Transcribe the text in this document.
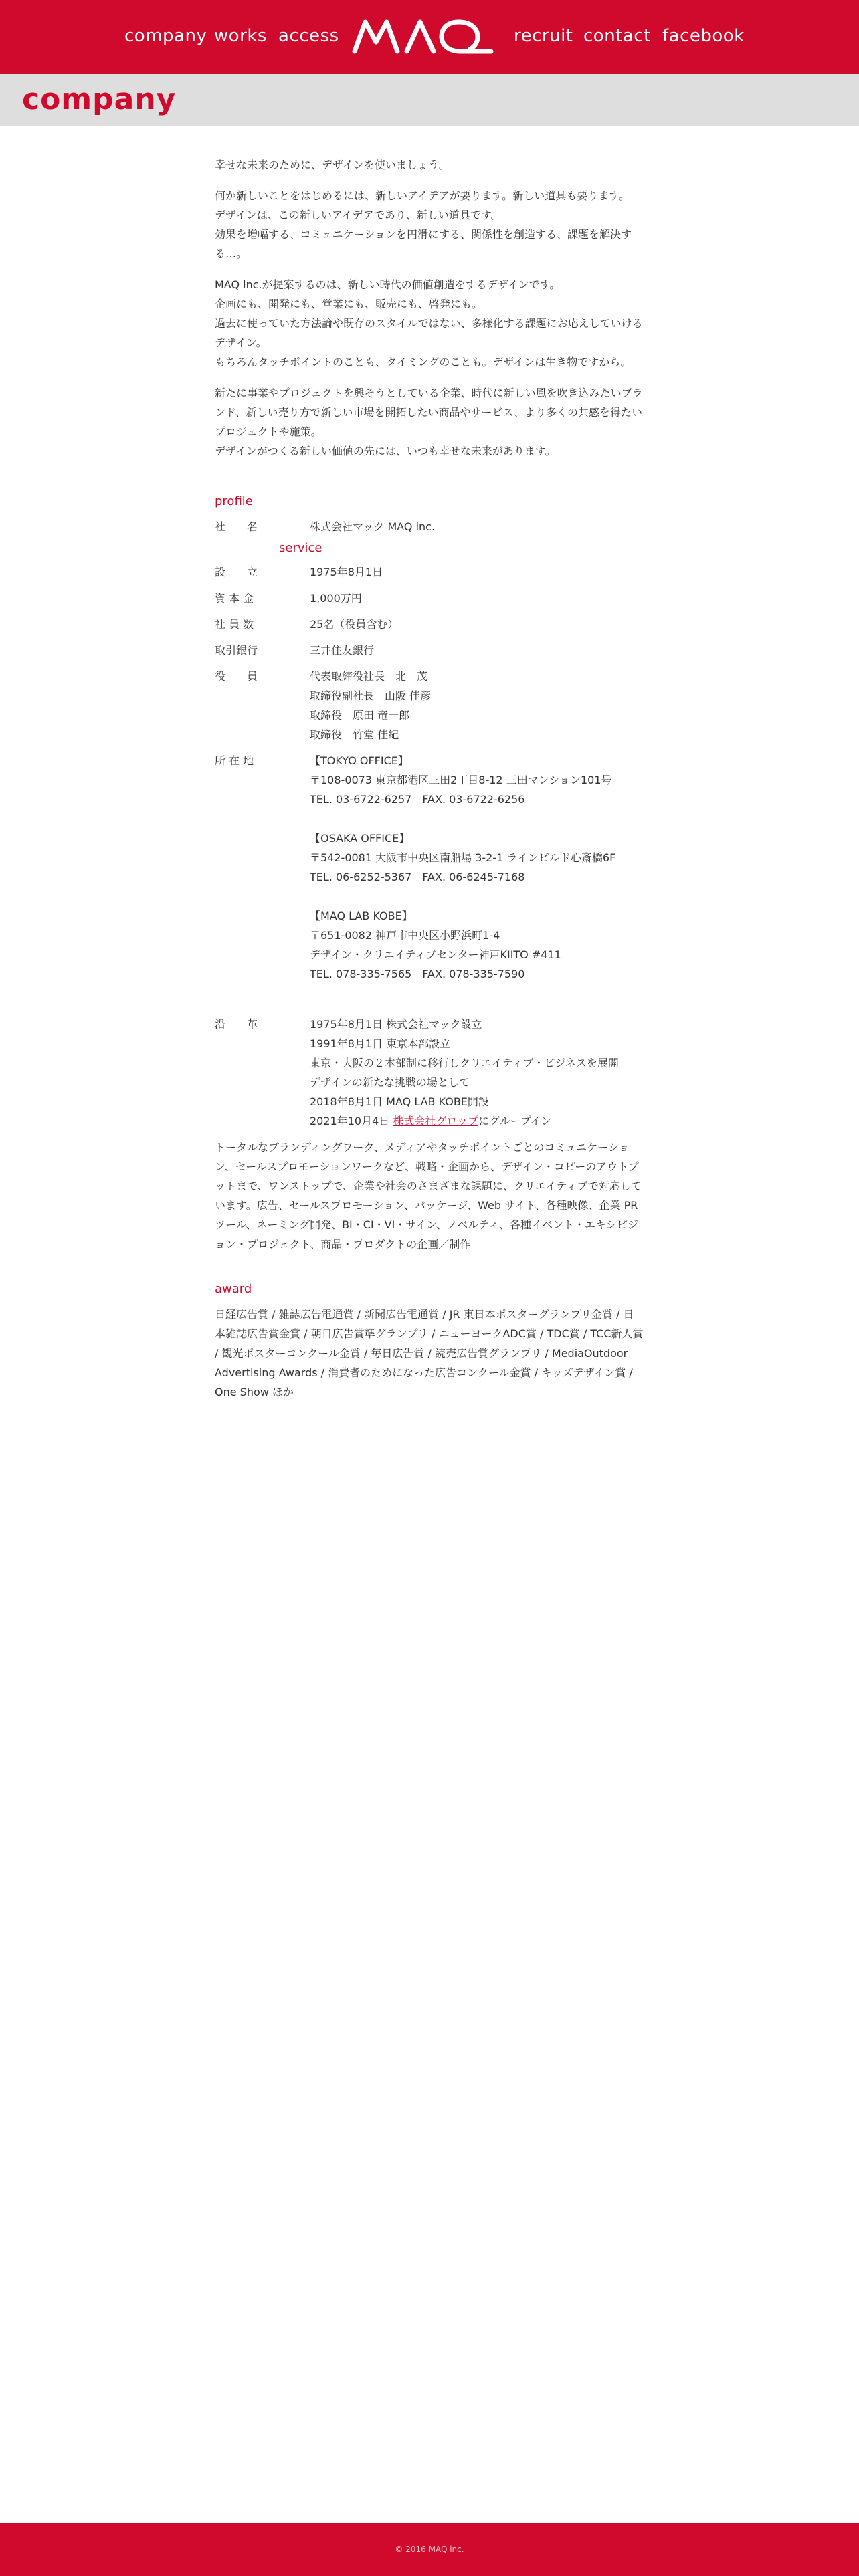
company works access	recruit contact facebook
company

幸せな未来のために、デザインを使いましょう。

何か新しいことをはじめるには、新しいアイデアが要ります。新しい道具も要ります。
デザインは、この新しいアイデアであり、新しい道具です。
効果を増幅する、コミュニケーションを円滑にする、関係性を創造する、課題を解決する…。

MAQ inc.が提案するのは、新しい時代の価値創造をするデザインです。
企画にも、開発にも、営業にも、販売にも、啓発にも。
過去に使っていた方法論や既存のスタイルではない、多様化する課題にお応えしていけるデザイン。
もちろんタッチポイントのことも、タイミングのことも。デザインは生き物ですから。

新たに事業やプロジェクトを興そうとしている企業、時代に新しい風を吹き込みたいブランド、新しい売り方で新しい市場を開拓したい商品やサービス、より多くの共感を得たいプロジェクトや施策。
デザインがつくる新しい価値の先には、いつも幸せな未来があります。

profile
service
社　　名	株式会社マック MAQ inc.
設　　立	1975年8月1日
資 本 金	1,000万円
社 員 数	25名（役員含む）
取引銀行	三井住友銀行
役　　員	代表取締役社長　北　茂
取締役副社長　山阪 佳彦
取締役　原田 竜一郎
取締役　竹堂 佳紀
所 在 地	【TOKYO OFFICE】
〒108‐0073 東京都港区三田2丁目8‐12 三田マンション101号
TEL. 03‐6722‐6257　FAX. 03‐6722‐6256
【OSAKA OFFICE】
〒542-0081 大阪市中央区南船場 3-2-1 ラインビルド心斎橋6F
TEL. 06-6252-5367　FAX. 06-6245-7168
【MAQ LAB KOBE】
〒651-0082 神戸市中央区小野浜町1-4
デザイン・クリエイティブセンター神戸KIITO #411
TEL. 078-335-7565　FAX. 078-335-7590
沿　　革	1975年8月1日 株式会社マック設立
1991年8月1日 東京本部設立
東京・大阪の２本部制に移行しクリエイティブ・ビジネスを展開
デザインの新たな挑戦の場として
2018年8月1日 MAQ LAB KOBE開設
2021年10月4日 株式会社グロップにグループイン
トータルなブランディングワーク、メディアやタッチポイントごとのコミュニケーション、セールスプロモーションワークなど、戦略・企画から、デザイン・コピーのアウトプットまで、ワンストップで、企業や社会のさまざまな課題に、クリエイティブで対応しています。広告、セールスプロモーション、パッケージ、Web サイト、各種映像、企業 PR ツール、ネーミング開発、BI・CI・VI・サイン、ノベルティ、各種イベント・エキシビジョン・プロジェクト、商品・プロダクトの企画／制作
award
日経広告賞 / 雑誌広告電通賞 / 新聞広告電通賞 / JR 東日本ポスターグランプリ金賞 / 日本雑誌広告賞金賞 / 朝日広告賞準グランプリ / ニューヨークADC賞 / TDC賞 / TCC新人賞 / 観光ポスターコンクール金賞 / 毎日広告賞 / 読売広告賞グランプリ / MediaOutdoor Advertising Awards / 消費者のためになった広告コンクール金賞 / キッズデザイン賞 / One Show ほか
© 2016 MAQ inc.
